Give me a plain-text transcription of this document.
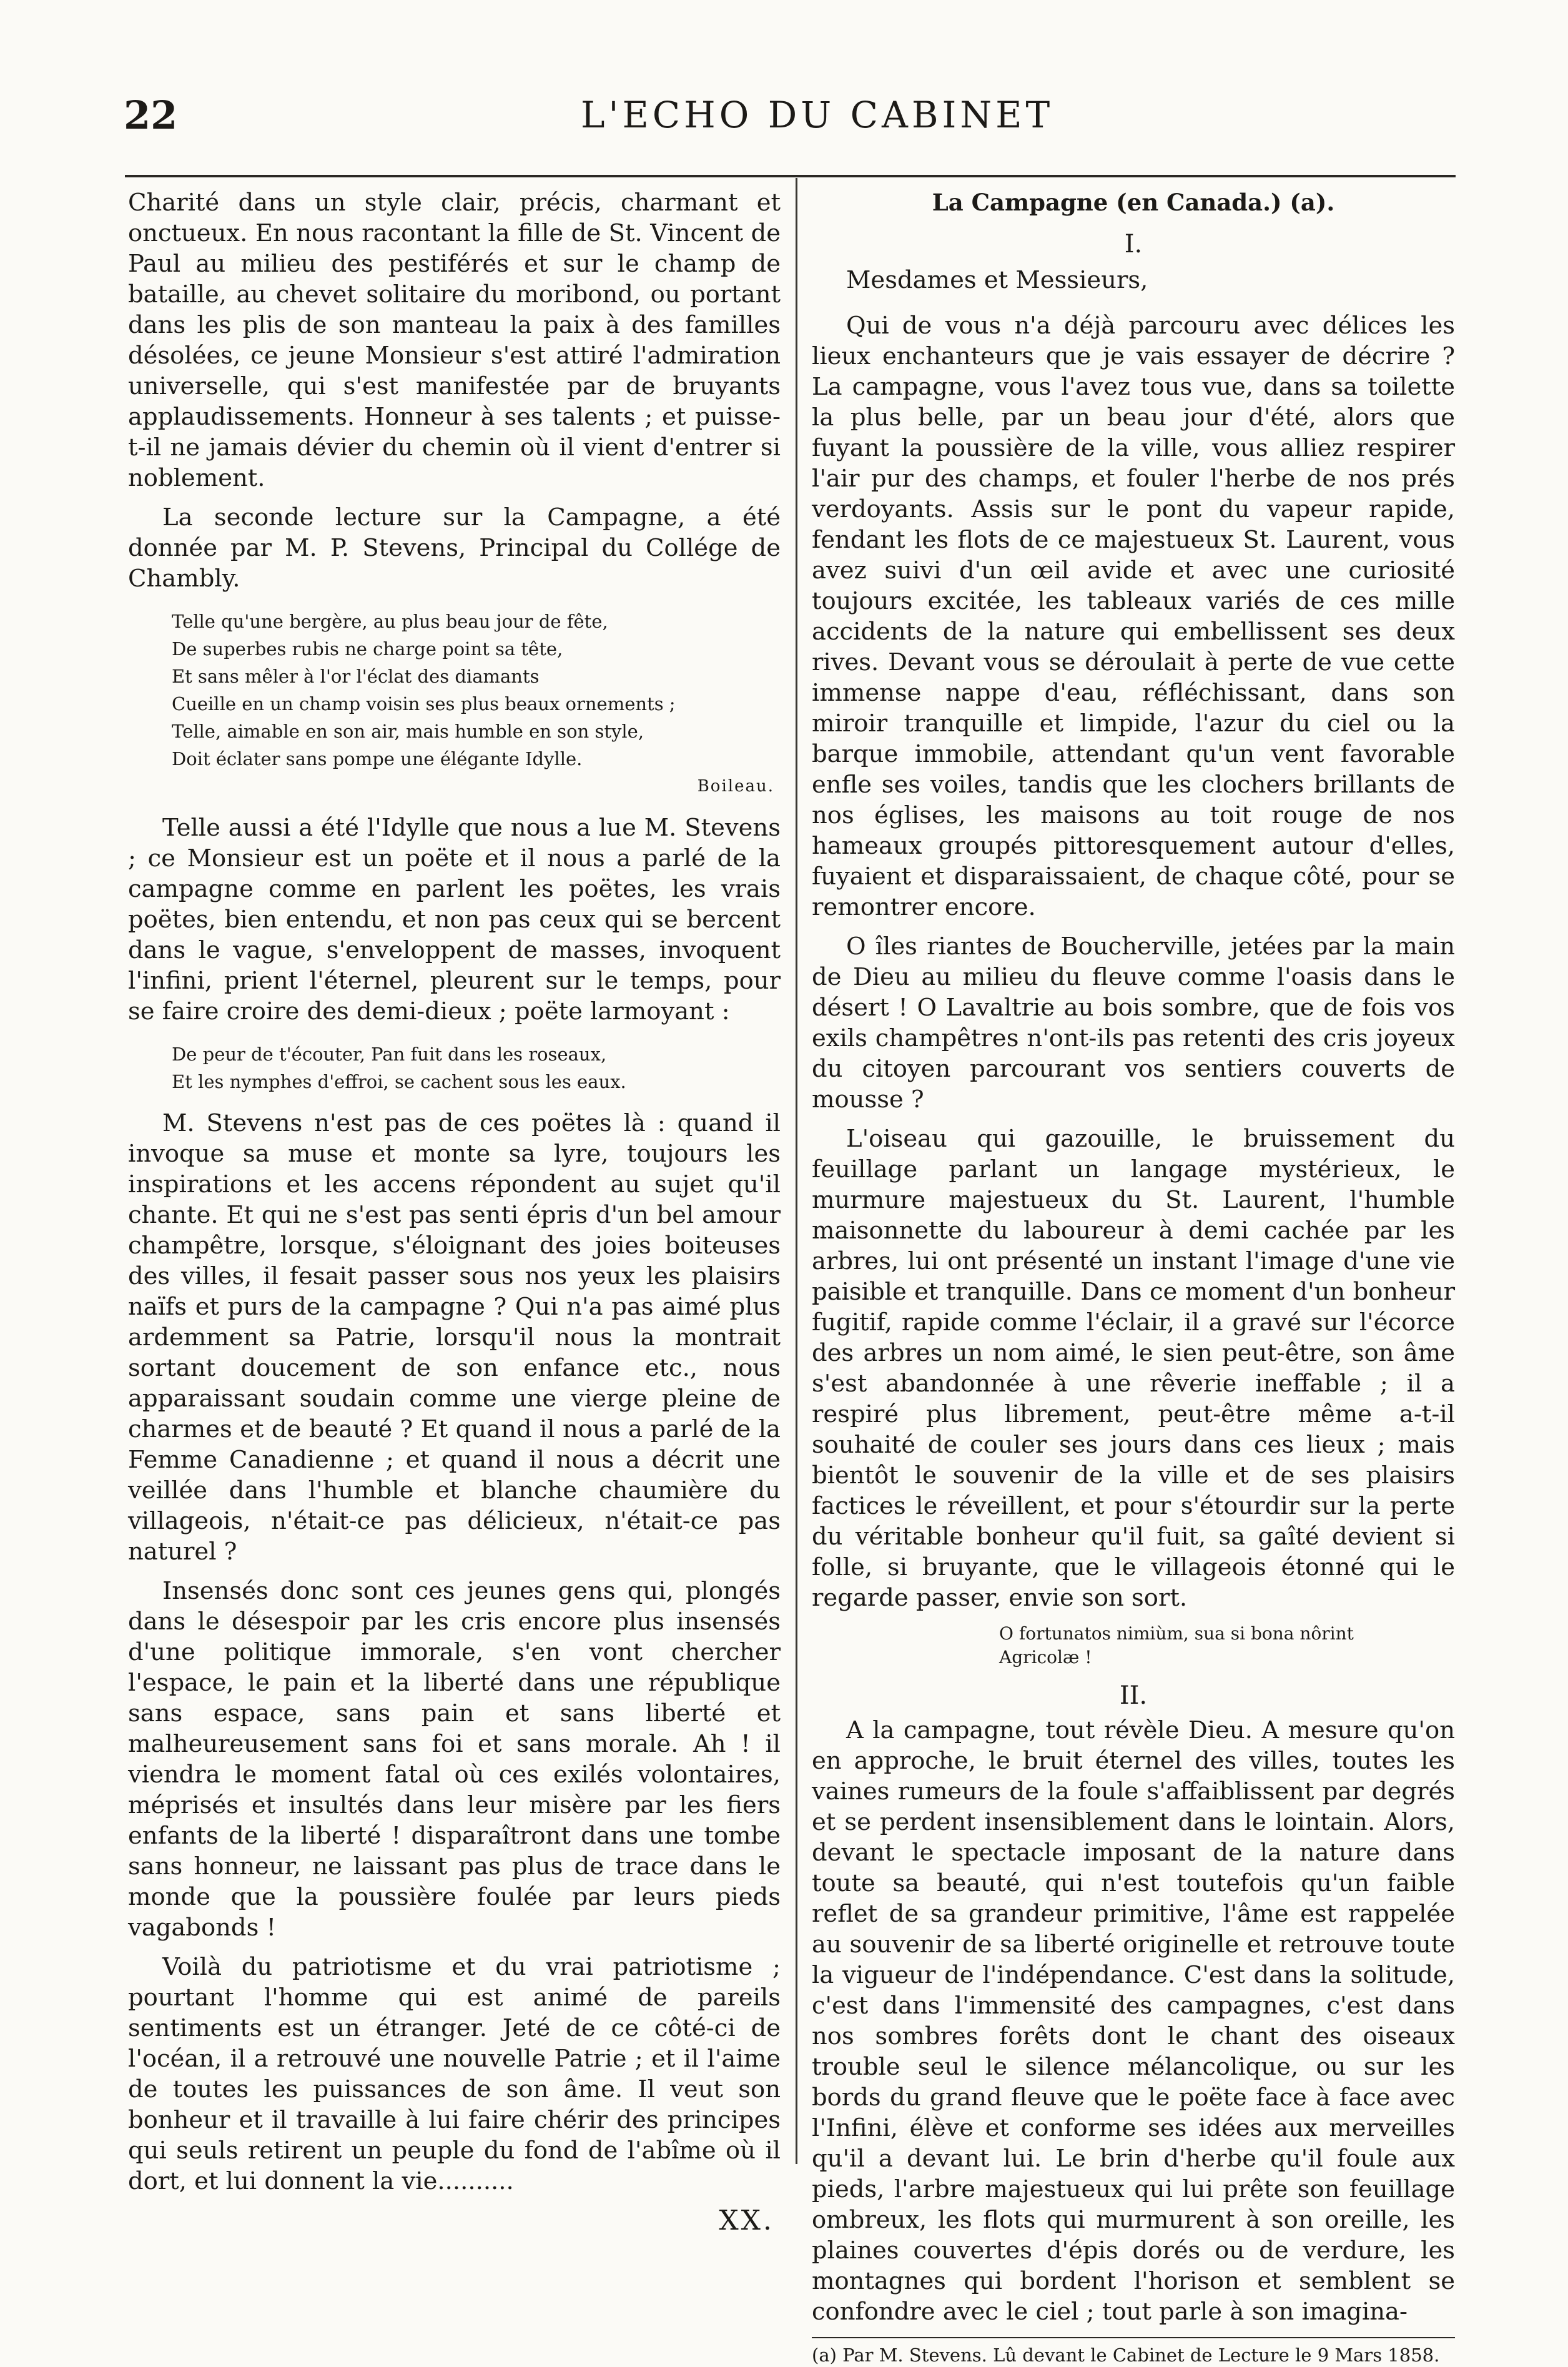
22	L'ECHO DU CABINET

Charité dans un style clair, précis, charmant et onctueux. En nous racontant la fille de St. Vincent de Paul au milieu des pestiférés et sur le champ de bataille, au chevet solitaire du moribond, ou portant dans les plis de son manteau la paix à des familles désolées, ce jeune Monsieur s'est attiré l'admiration universelle, qui s'est manifestée par de bruyants applaudissements. Honneur à ses talents ; et puisse-t-il ne jamais dévier du chemin où il vient d'entrer si noblement.

La seconde lecture sur la Campagne, a été donnée par M. P. Stevens, Principal du Collége de Chambly.

Telle qu'une bergère, au plus beau jour de fête,
De superbes rubis ne charge point sa tête,
Et sans mêler à l'or l'éclat des diamants
Cueille en un champ voisin ses plus beaux ornements ;
Telle, aimable en son air, mais humble en son style,
Doit éclater sans pompe une élégante Idylle.
Boileau.

Telle aussi a été l'Idylle que nous a lue M. Stevens ; ce Monsieur est un poëte et il nous a parlé de la campagne comme en parlent les poëtes, les vrais poëtes, bien entendu, et non pas ceux qui se bercent dans le vague, s'enveloppent de masses, invoquent l'infini, prient l'éternel, pleurent sur le temps, pour se faire croire des demi-dieux ; poëte larmoyant :

De peur de t'écouter, Pan fuit dans les roseaux,
Et les nymphes d'effroi, se cachent sous les eaux.

M. Stevens n'est pas de ces poëtes là : quand il invoque sa muse et monte sa lyre, toujours les inspirations et les accens répondent au sujet qu'il chante. Et qui ne s'est pas senti épris d'un bel amour champêtre, lorsque, s'éloignant des joies boiteuses des villes, il fesait passer sous nos yeux les plaisirs naïfs et purs de la campagne ? Qui n'a pas aimé plus ardemment sa Patrie, lorsqu'il nous la montrait sortant doucement de son enfance etc., nous apparaissant soudain comme une vierge pleine de charmes et de beauté ? Et quand il nous a parlé de la Femme Canadienne ; et quand il nous a décrit une veillée dans l'humble et blanche chaumière du villageois, n'était-ce pas délicieux, n'était-ce pas naturel ?

Insensés donc sont ces jeunes gens qui, plongés dans le désespoir par les cris encore plus insensés d'une politique immorale, s'en vont chercher l'espace, le pain et la liberté dans une république sans espace, sans pain et sans liberté et malheureusement sans foi et sans morale. Ah ! il viendra le moment fatal où ces exilés volontaires, méprisés et insultés dans leur misère par les fiers enfants de la liberté ! disparaîtront dans une tombe sans honneur, ne laissant pas plus de trace dans le monde que la poussière foulée par leurs pieds vagabonds !

Voilà du patriotisme et du vrai patriotisme ; pourtant l'homme qui est animé de pareils sentiments est un étranger. Jeté de ce côté-ci de l'océan, il a retrouvé une nouvelle Patrie ; et il l'aime de toutes les puissances de son âme. Il veut son bonheur et il travaille à lui faire chérir des principes qui seuls retirent un peuple du fond de l'abîme où il dort, et lui donnent la vie..........

XX.
La Campagne (en Canada.) (a).
I.
Mesdames et Messieurs,

Qui de vous n'a déjà parcouru avec délices les lieux enchanteurs que je vais essayer de décrire ? La campagne, vous l'avez tous vue, dans sa toilette la plus belle, par un beau jour d'été, alors que fuyant la poussière de la ville, vous alliez respirer l'air pur des champs, et fouler l'herbe de nos prés verdoyants. Assis sur le pont du vapeur rapide, fendant les flots de ce majestueux St. Laurent, vous avez suivi d'un œil avide et avec une curiosité toujours excitée, les tableaux variés de ces mille accidents de la nature qui embellissent ses deux rives. Devant vous se déroulait à perte de vue cette immense nappe d'eau, réfléchissant, dans son miroir tranquille et limpide, l'azur du ciel ou la barque immobile, attendant qu'un vent favorable enfle ses voiles, tandis que les clochers brillants de nos églises, les maisons au toit rouge de nos hameaux groupés pittoresquement autour d'elles, fuyaient et disparaissaient, de chaque côté, pour se remontrer encore.

O îles riantes de Boucherville, jetées par la main de Dieu au milieu du fleuve comme l'oasis dans le désert ! O Lavaltrie au bois sombre, que de fois vos exils champêtres n'ont-ils pas retenti des cris joyeux du citoyen parcourant vos sentiers couverts de mousse ?

L'oiseau qui gazouille, le bruissement du feuillage parlant un langage mystérieux, le murmure majestueux du St. Laurent, l'humble maisonnette du laboureur à demi cachée par les arbres, lui ont présenté un instant l'image d'une vie paisible et tranquille. Dans ce moment d'un bonheur fugitif, rapide comme l'éclair, il a gravé sur l'écorce des arbres un nom aimé, le sien peut-être, son âme s'est abandonnée à une rêverie ineffable ; il a respiré plus librement, peut-être même a-t-il souhaité de couler ses jours dans ces lieux ; mais bientôt le souvenir de la ville et de ses plaisirs factices le réveillent, et pour s'étourdir sur la perte du véritable bonheur qu'il fuit, sa gaîté devient si folle, si bruyante, que le villageois étonné qui le regarde passer, envie son sort.

O fortunatos nimiùm, sua si bona nôrint
Agricolæ !
II.

A la campagne, tout révèle Dieu. A mesure qu'on en approche, le bruit éternel des villes, toutes les vaines rumeurs de la foule s'affaiblissent par degrés et se perdent insensiblement dans le lointain. Alors, devant le spectacle imposant de la nature dans toute sa beauté, qui n'est toutefois qu'un faible reflet de sa grandeur primitive, l'âme est rappelée au souvenir de sa liberté originelle et retrouve toute la vigueur de l'indépendance. C'est dans la solitude, c'est dans l'immensité des campagnes, c'est dans nos sombres forêts dont le chant des oiseaux trouble seul le silence mélancolique, ou sur les bords du grand fleuve que le poëte face à face avec l'Infini, élève et conforme ses idées aux merveilles qu'il a devant lui. Le brin d'herbe qu'il foule aux pieds, l'arbre majestueux qui lui prête son feuillage ombreux, les flots qui murmurent à son oreille, les plaines couvertes d'épis dorés ou de verdure, les montagnes qui bordent l'horison et semblent se confondre avec le ciel ; tout parle à son imagina-

(a) Par M. Stevens. Lû devant le Cabinet de Lecture le 9 Mars 1858.
